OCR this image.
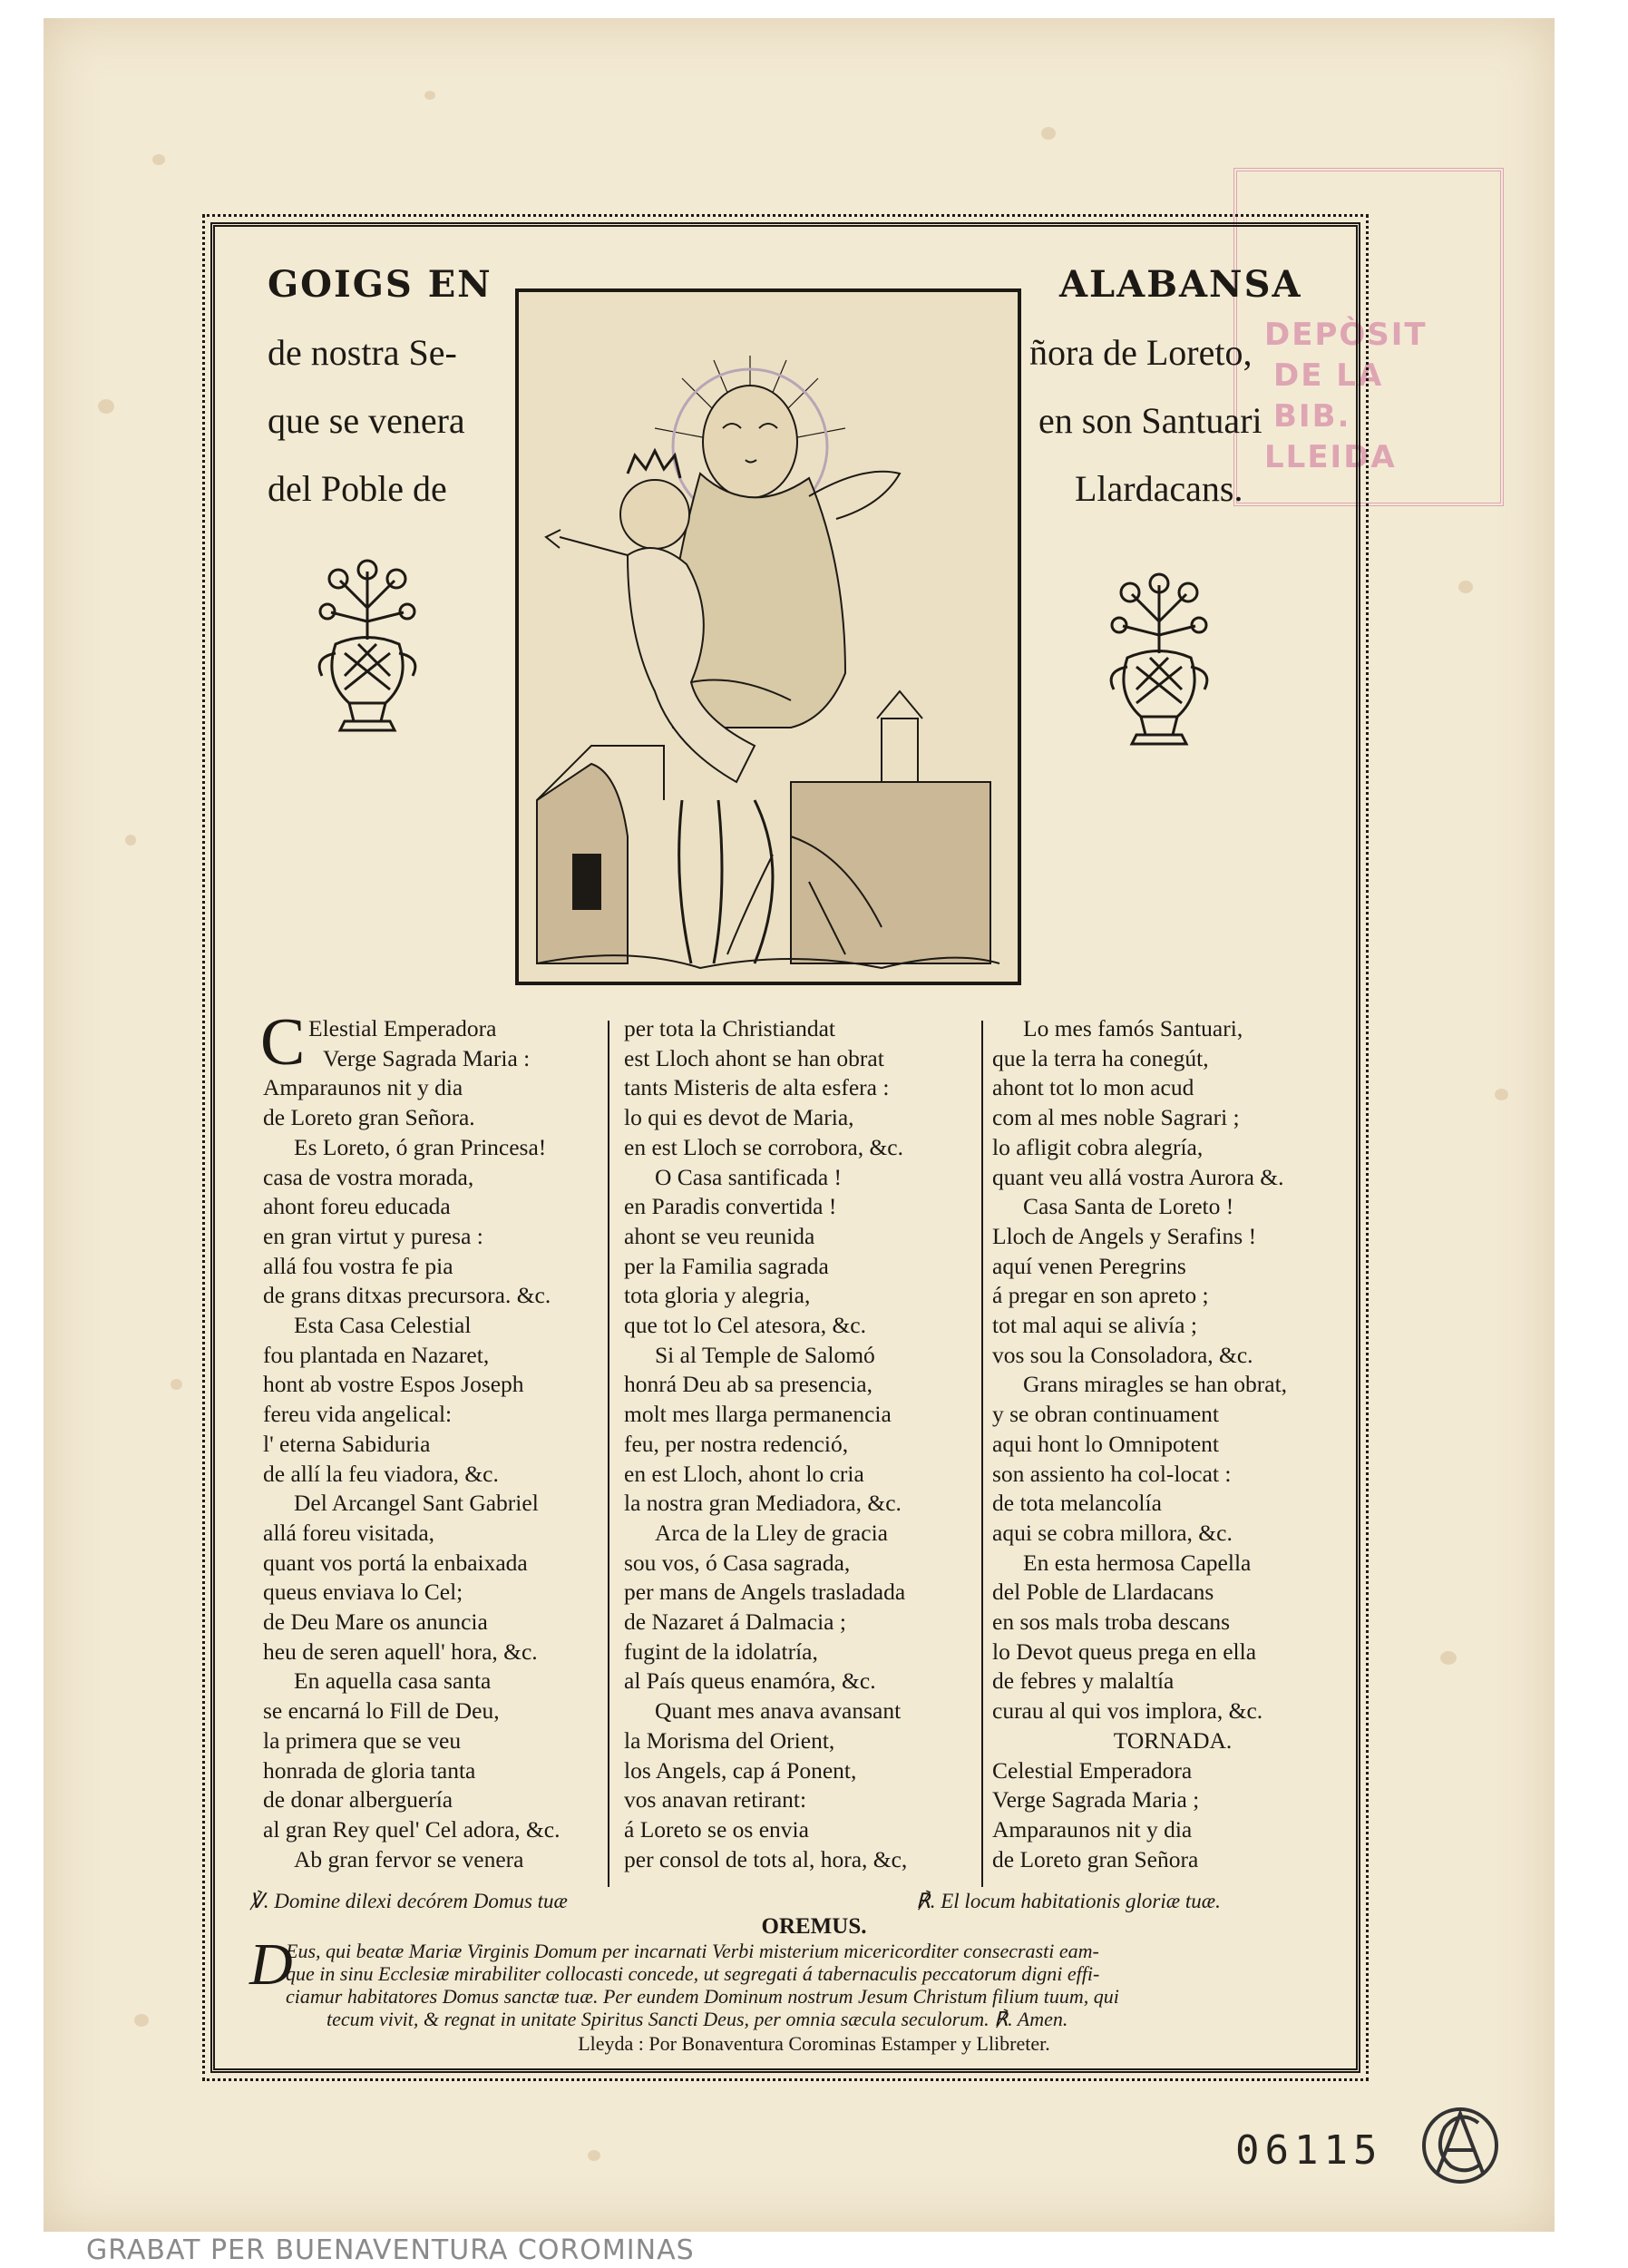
DEPÒSIT
DE LA
BIB.
LLEIDA
GOIGS EN
de nostra Se-
que se venera
del Poble de
ALABANSA
ñora de Loreto,
en son Santuari
Llardacans.
C Elestial Emperadora
Verge Sagrada Maria :
Amparaunos nit y dia
de Loreto gran Señora.
Es Loreto, ó gran Princesa!
casa de vostra morada,
ahont foreu educada
en gran virtut y puresa :
allá fou vostra fe pia
de grans ditxas precursora. &c.
Esta Casa Celestial
fou plantada en Nazaret,
hont ab vostre Espos Joseph
fereu vida angelical:
l' eterna Sabiduria
de allí la feu viadora, &c.
Del Arcangel Sant Gabriel
allá foreu visitada,
quant vos portá la enbaixada
queus enviava lo Cel;
de Deu Mare os anuncia
heu de seren aquell' hora, &c.
En aquella casa santa
se encarná lo Fill de Deu,
la primera que se veu
honrada de gloria tanta
de donar alberguería
al gran Rey quel' Cel adora, &c.
Ab gran fervor se venera
per tota la Christiandat
est Lloch ahont se han obrat
tants Misteris de alta esfera :
lo qui es devot de Maria,
en est Lloch se corrobora, &c.
O Casa santificada !
en Paradis convertida !
ahont se veu reunida
per la Familia sagrada
tota gloria y alegria,
que tot lo Cel atesora, &c.
Si al Temple de Salomó
honrá Deu ab sa presencia,
molt mes llarga permanencia
feu, per nostra redenció,
en est Lloch, ahont lo cria
la nostra gran Mediadora, &c.
Arca de la Lley de gracia
sou vos, ó Casa sagrada,
per mans de Angels trasladada
de Nazaret á Dalmacia ;
fugint de la idolatría,
al País queus enamóra, &c.
Quant mes anava avansant
la Morisma del Orient,
los Angels, cap á Ponent,
vos anavan retirant:
á Loreto se os envia
per consol de tots al, hora, &c,
Lo mes famós Santuari,
que la terra ha conegút,
ahont tot lo mon acud
com al mes noble Sagrari ;
lo afligit cobra alegría,
quant veu allá vostra Aurora &.
Casa Santa de Loreto !
Lloch de Angels y Serafins !
aquí venen Peregrins
á pregar en son apreto ;
tot mal aqui se alivía ;
vos sou la Consoladora, &c.
Grans miragles se han obrat,
y se obran continuament
aqui hont lo Omnipotent
son assiento ha col-locat :
de tota melancolía
aqui se cobra millora, &c.
En esta hermosa Capella
del Poble de Llardacans
en sos mals troba descans
lo Devot queus prega en ella
de febres y malaltía
curau al qui vos implora, &c.
TORNADA.
Celestial Emperadora
Verge Sagrada Maria ;
Amparaunos nit y dia
de Loreto gran Señora
℣. Domine dilexi decórem Domus tuæ	℟. El locum habitationis gloriæ tuæ.
OREMUS.
D
Eus, qui beatæ Mariæ Virginis Domum per incarnati Verbi misterium micericorditer consecrasti eam-
que in sinu Ecclesiæ mirabiliter collocasti concede, ut segregati á tabernaculis peccatorum digni effi-
ciamur habitatores Domus sanctæ tuæ. Per eundem Dominum nostrum Jesum Christum filium tuum, qui
tecum vivit, & regnat in unitate Spiritus Sancti Deus, per omnia sæcula seculorum. ℟. Amen.
Lleyda : Por Bonaventura Corominas Estamper y Llibreter.
06115
GRABAT PER BUENAVENTURA COROMINAS
